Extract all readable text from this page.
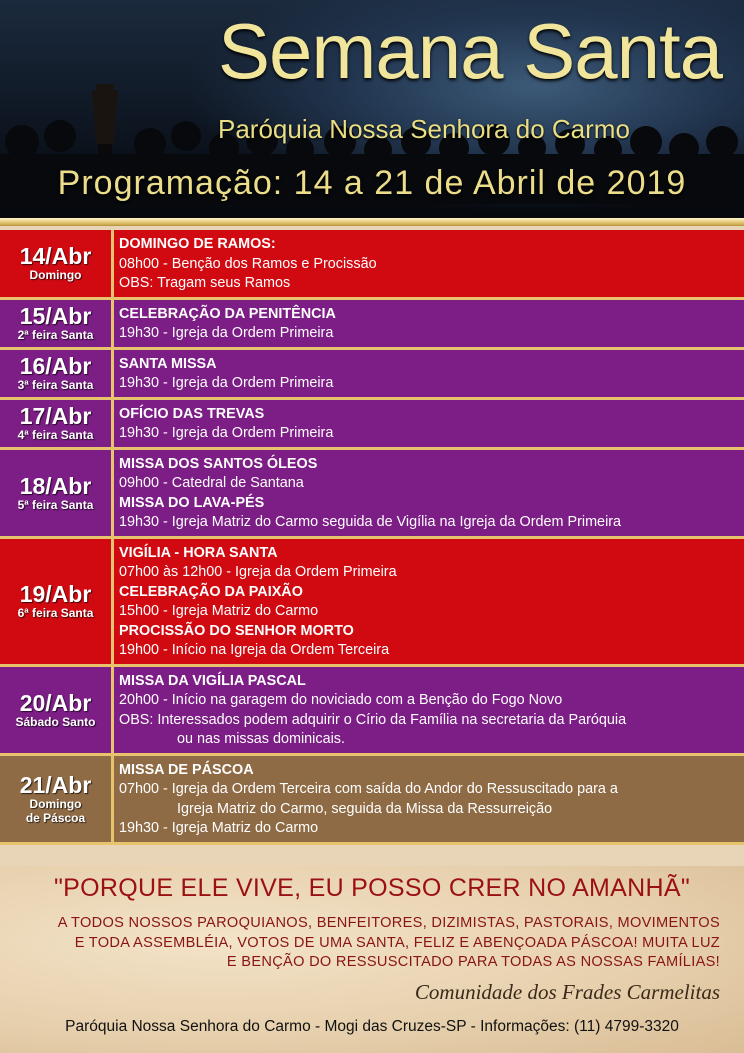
Semana Santa
Paróquia Nossa Senhora do Carmo
Programação: 14 a 21 de Abril de 2019
14/Abr
Domingo
DOMINGO DE RAMOS:
08h00 - Benção dos Ramos e Procissão
OBS: Tragam seus Ramos
15/Abr
2ª feira Santa
CELEBRAÇÃO DA PENITÊNCIA
19h30 - Igreja da Ordem Primeira
16/Abr
3ª feira Santa
SANTA MISSA
19h30 - Igreja da Ordem Primeira
17/Abr
4ª feira Santa
OFÍCIO DAS TREVAS
19h30 - Igreja da Ordem Primeira
18/Abr
5ª feira Santa
MISSA DOS SANTOS ÓLEOS
09h00 - Catedral de Santana
MISSA DO LAVA-PÉS
19h30 - Igreja Matriz do Carmo seguida de Vigília na Igreja da Ordem Primeira
19/Abr
6ª feira Santa
VIGÍLIA - HORA SANTA
07h00 às 12h00 - Igreja da Ordem Primeira
CELEBRAÇÃO DA PAIXÃO
15h00 - Igreja Matriz do Carmo
PROCISSÃO DO SENHOR MORTO
19h00 - Início na Igreja da Ordem Terceira
20/Abr
Sábado Santo
MISSA DA VIGÍLIA PASCAL
20h00 - Início na garagem do noviciado com a Benção do Fogo Novo
OBS: Interessados podem adquirir o Círio da Família na secretaria da Paróquia
ou nas missas dominicais.
21/Abr
Domingo
de Páscoa
MISSA DE PÁSCOA
07h00 - Igreja da Ordem Terceira com saída do Andor do Ressuscitado para a
Igreja Matriz do Carmo, seguida da Missa da Ressurreição
19h30 - Igreja Matriz do Carmo
"PORQUE ELE VIVE, EU POSSO CRER NO AMANHÃ"
A TODOS NOSSOS PAROQUIANOS, BENFEITORES, DIZIMISTAS, PASTORAIS, MOVIMENTOS
E TODA ASSEMBLÉIA, VOTOS DE UMA SANTA, FELIZ E ABENÇOADA PÁSCOA! MUITA LUZ
E BENÇÃO DO RESSUSCITADO PARA TODAS AS NOSSAS FAMÍLIAS!
Comunidade dos Frades Carmelitas
Paróquia Nossa Senhora do Carmo - Mogi das Cruzes-SP - Informações: (11) 4799-3320
